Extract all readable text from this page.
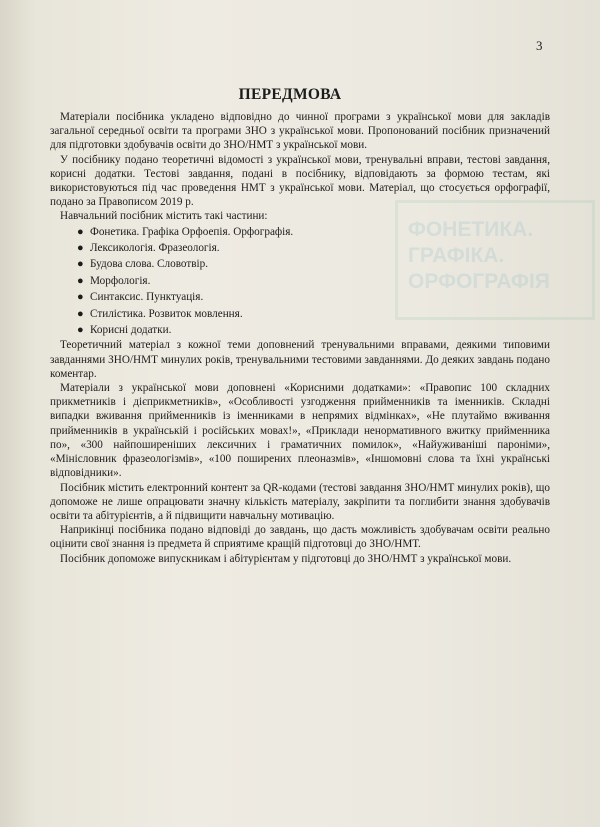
ФОНЕТИКА. ГРАФІКА. ОРФОГРАФІЯ
3
ПЕРЕДМОВА

Матеріали посібника укладено відповідно до чинної програми з української мови для закладів загальної середньої освіти та програми ЗНО з української мови. Пропонований посібник призначений для підготовки здобувачів освіти до ЗНО/НМТ з української мови.

У посібнику подано теоретичні відомості з української мови, тренувальні вправи, тестові завдання, корисні додатки. Тестові завдання, подані в посібнику, відповідають за формою тестам, які використовуються під час проведення НМТ з української мови. Матеріал, що стосується орфографії, подано за Правописом 2019 р.

Навчальний посібник містить такі частини:

● Фонетика. Графіка Орфоепія. Орфографія.
● Лексикологія. Фразеологія.
● Будова слова. Словотвір.
● Морфологія.
● Синтаксис. Пунктуація.
● Стилістика. Розвиток мовлення.
● Корисні додатки.

Теоретичний матеріал з кожної теми доповнений тренувальними вправами, деякими типовими завданнями ЗНО/НМТ минулих років, тренувальними тестовими завданнями. До деяких завдань подано коментар.

Матеріали з української мови доповнені «Корисними додатками»: «Правопис 100 складних прикметників і дієприкметників», «Особливості узгодження прийменників та іменників. Складні випадки вживання прийменників із іменниками в непрямих відмінках», «Не плутаймо вживання прийменників в українській і російських мовах!», «Приклади ненормативного вжитку прийменника по», «300 найпоширеніших лексичних і граматичних помилок», «Найуживаніші пароніми», «Мінісловник фразеологізмів», «100 поширених плеоназмів», «Іншомовні слова та їхні українські відповідники».

Посібник містить електронний контент за QR-кодами (тестові завдання ЗНО/НМТ минулих років), що допоможе не лише опрацювати значну кількість матеріалу, закріпити та поглибити знання здобувачів освіти та абітурієнтів, а й підвищити навчальну мотивацію.

Наприкінці посібника подано відповіді до завдань, що дасть можливість здобувачам освіти реально оцінити свої знання із предмета й сприятиме кращій підготовці до ЗНО/НМТ.

Посібник допоможе випускникам і абітурієнтам у підготовці до ЗНО/НМТ з української мови.
